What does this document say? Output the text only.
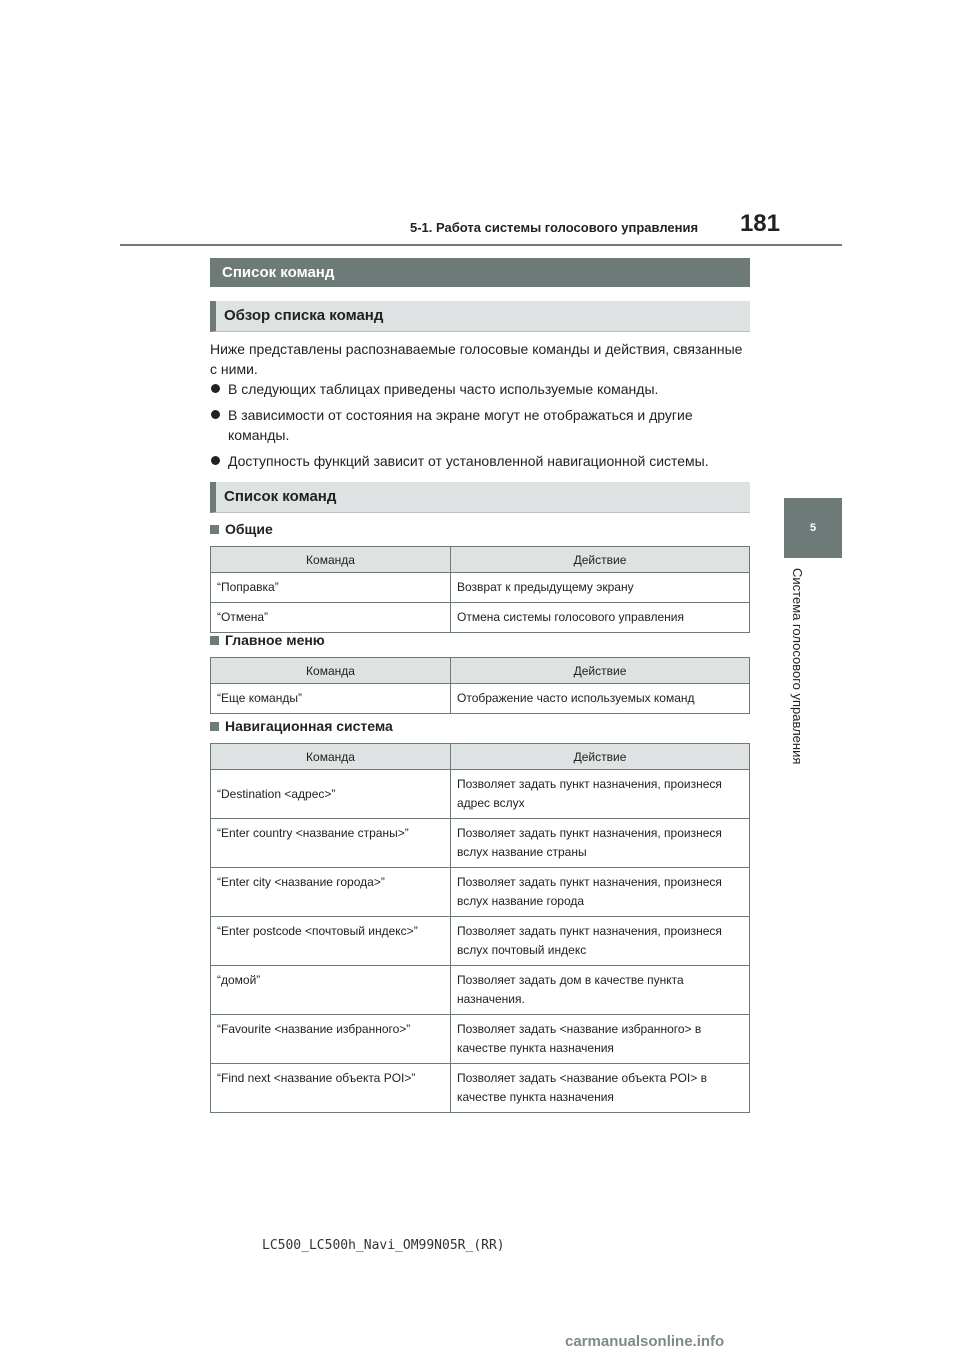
5-1. Работа системы голосового управления	181
5
Система голосового управления
Список команд
Обзор списка команд
Ниже представлены распознаваемые голосовые команды и действия, связанные с ними.
В следующих таблицах приведены часто используемые команды.
В зависимости от состояния на экране могут не отображаться и другие команды.
Доступность функций зависит от установленной навигационной системы.
Список команд
Общие
Команда	Действие
“Поправка”	Возврат к предыдущему экрану
“Отмена”	Отмена системы голосового управления
Главное меню
Команда	Действие
“Еще команды”	Отображение часто используемых команд
Навигационная система
Команда	Действие
“Destination <адрес>”	Позволяет задать пункт назначения, произнеся адрес вслух
“Enter country <название страны>”	Позволяет задать пункт назначения, произнеся вслух название страны
“Enter city <название города>”	Позволяет задать пункт назначения, произнеся вслух название города
“Enter postcode <почтовый индекс>”	Позволяет задать пункт назначения, произнеся вслух почтовый индекс
“домой”	Позволяет задать дом в качестве пункта назначения.
“Favourite <название избранного>”	Позволяет задать <название избранного> в качестве пункта назначения
“Find next <название объекта POI>”	Позволяет задать <название объекта POI> в качестве пункта назначения
LC500_LC500h_Navi_OM99N05R_(RR)
carmanualsonline.info
